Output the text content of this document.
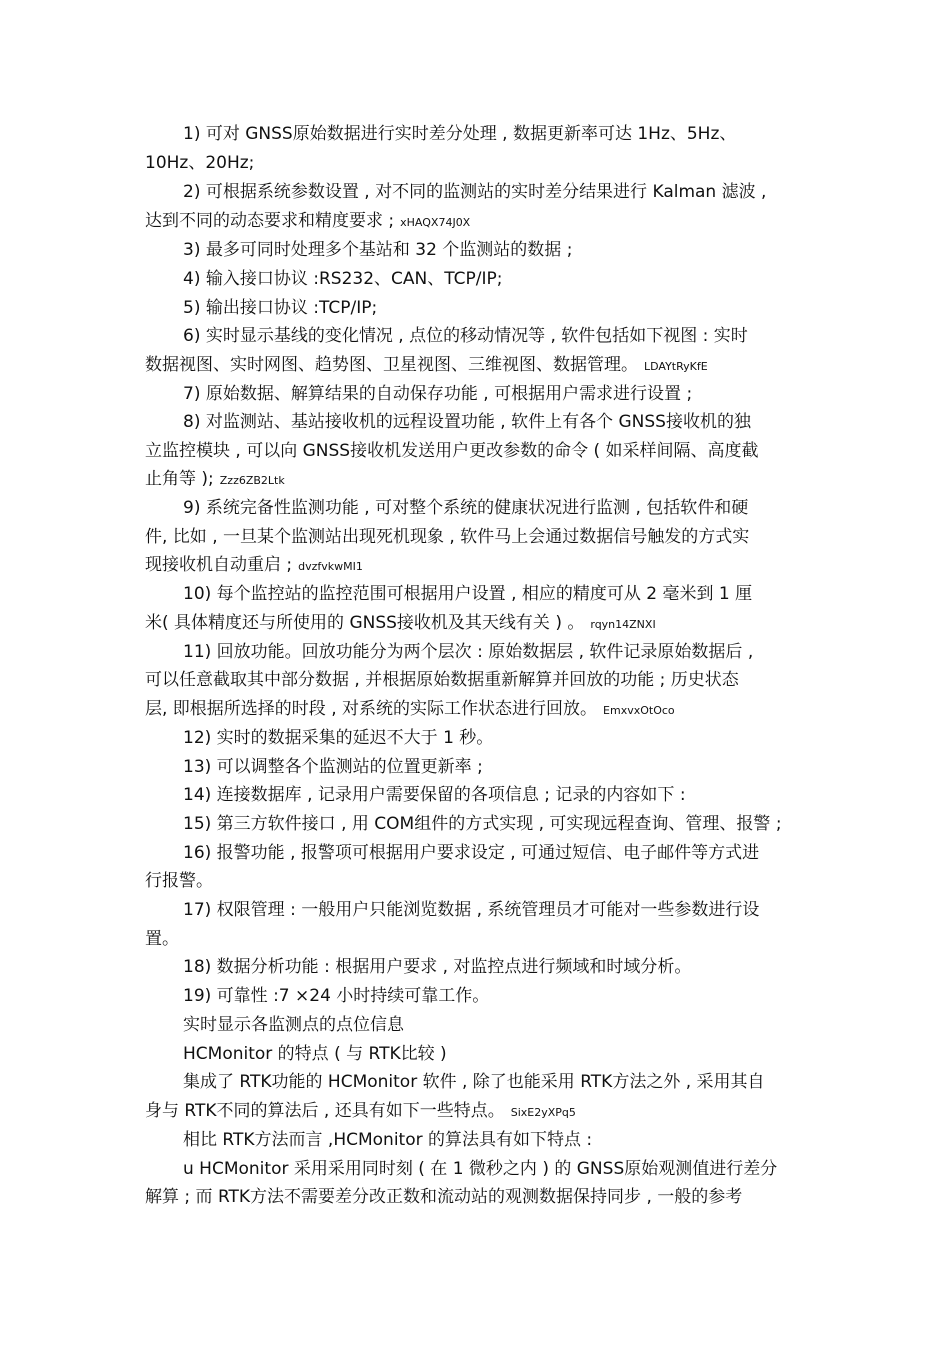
1) 可对 GNSS原始数据进行实时差分处理 , 数据更新率可达 1Hz、5Hz、
10Hz、20Hz;
2) 可根据系统参数设置 , 对不同的监测站的实时差分结果进行 Kalman 滤波 ,
达到不同的动态要求和精度要求 ; xHAQX74J0X
3) 最多可同时处理多个基站和 32 个监测站的数据 ;
4) 输入接口协议 :RS232、CAN、TCP/IP;
5) 输出接口协议 :TCP/IP;
6) 实时显示基线的变化情况 , 点位的移动情况等 , 软件包括如下视图 : 实时
数据视图、实时网图、趋势图、卫星视图、三维视图、数据管理。 LDAYtRyKfE
7) 原始数据、解算结果的自动保存功能 , 可根据用户需求进行设置 ;
8) 对监测站、基站接收机的远程设置功能 , 软件上有各个 GNSS接收机的独
立监控模块 , 可以向 GNSS接收机发送用户更改参数的命令 ( 如采样间隔、高度截
止角等 ); Zzz6ZB2Ltk
9) 系统完备性监测功能 , 可对整个系统的健康状况进行监测 , 包括软件和硬
件, 比如 , 一旦某个监测站出现死机现象 , 软件马上会通过数据信号触发的方式实
现接收机自动重启 ; dvzfvkwMI1
10) 每个监控站的监控范围可根据用户设置 , 相应的精度可从 2 毫米到 1 厘
米( 具体精度还与所使用的 GNSS接收机及其天线有关 ) 。 rqyn14ZNXI
11) 回放功能。回放功能分为两个层次 : 原始数据层 , 软件记录原始数据后 ,
可以任意截取其中部分数据 , 并根据原始数据重新解算并回放的功能 ; 历史状态
层, 即根据所选择的时段 , 对系统的实际工作状态进行回放。 EmxvxOtOco
12) 实时的数据采集的延迟不大于 1 秒。
13) 可以调整各个监测站的位置更新率 ;
14) 连接数据库 , 记录用户需要保留的各项信息 ; 记录的内容如下 :
15) 第三方软件接口 , 用 COM组件的方式实现 , 可实现远程查询、管理、报警 ;
16) 报警功能 , 报警项可根据用户要求设定 , 可通过短信、电子邮件等方式进
行报警。
17) 权限管理 : 一般用户只能浏览数据 , 系统管理员才可能对一些参数进行设
置。
18) 数据分析功能 : 根据用户要求 , 对监控点进行频域和时域分析。
19) 可靠性 :7 ×24 小时持续可靠工作。
实时显示各监测点的点位信息
HCMonitor 的特点 ( 与 RTK比较 )
集成了 RTK功能的 HCMonitor 软件 , 除了也能采用 RTK方法之外 , 采用其自
身与 RTK不同的算法后 , 还具有如下一些特点。 SixE2yXPq5
相比 RTK方法而言 ,HCMonitor 的算法具有如下特点 :
u HCMonitor 采用采用同时刻 ( 在 1 微秒之内 ) 的 GNSS原始观测值进行差分
解算 ; 而 RTK方法不需要差分改正数和流动站的观测数据保持同步 , 一般的参考
